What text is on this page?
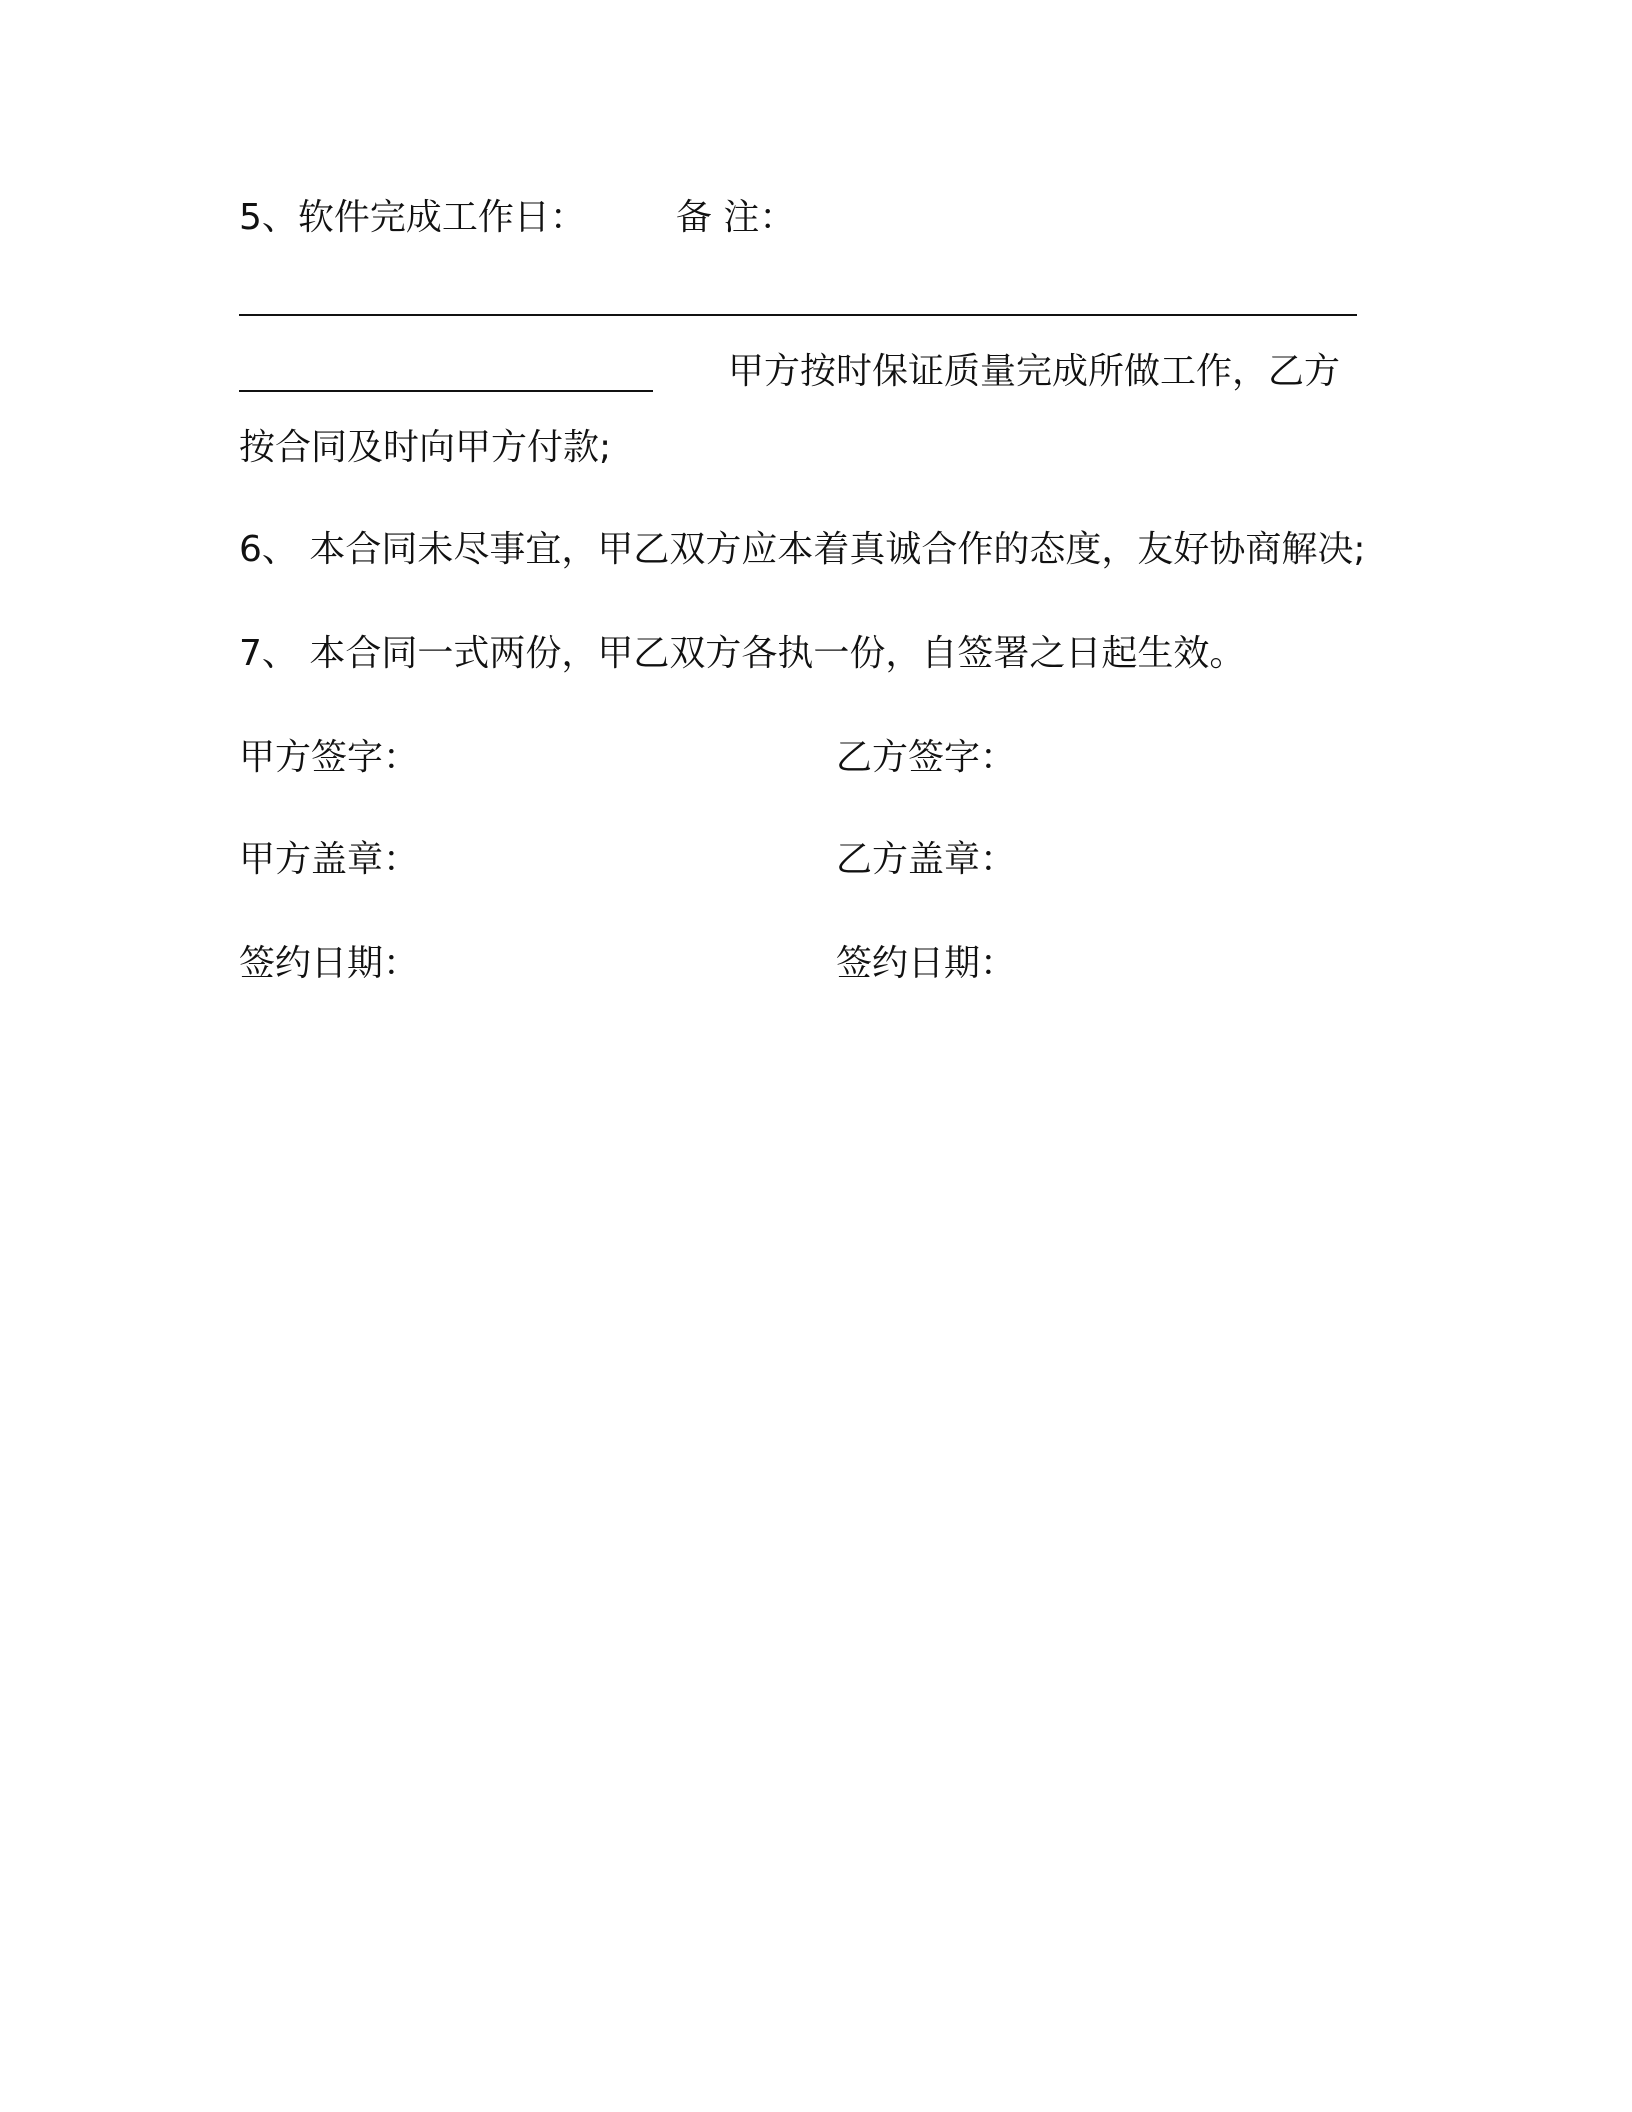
5、软件完成工作日：	备 注：
甲方按时保证质量完成所做工作，乙方
按合同及时向甲方付款;
6、 本合同未尽事宜，甲乙双方应本着真诚合作的态度，友好协商解决;
7、 本合同一式两份，甲乙双方各执一份，自签署之日起生效。
甲方签字：	乙方签字：
甲方盖章：	乙方盖章：
签约日期：	签约日期：
